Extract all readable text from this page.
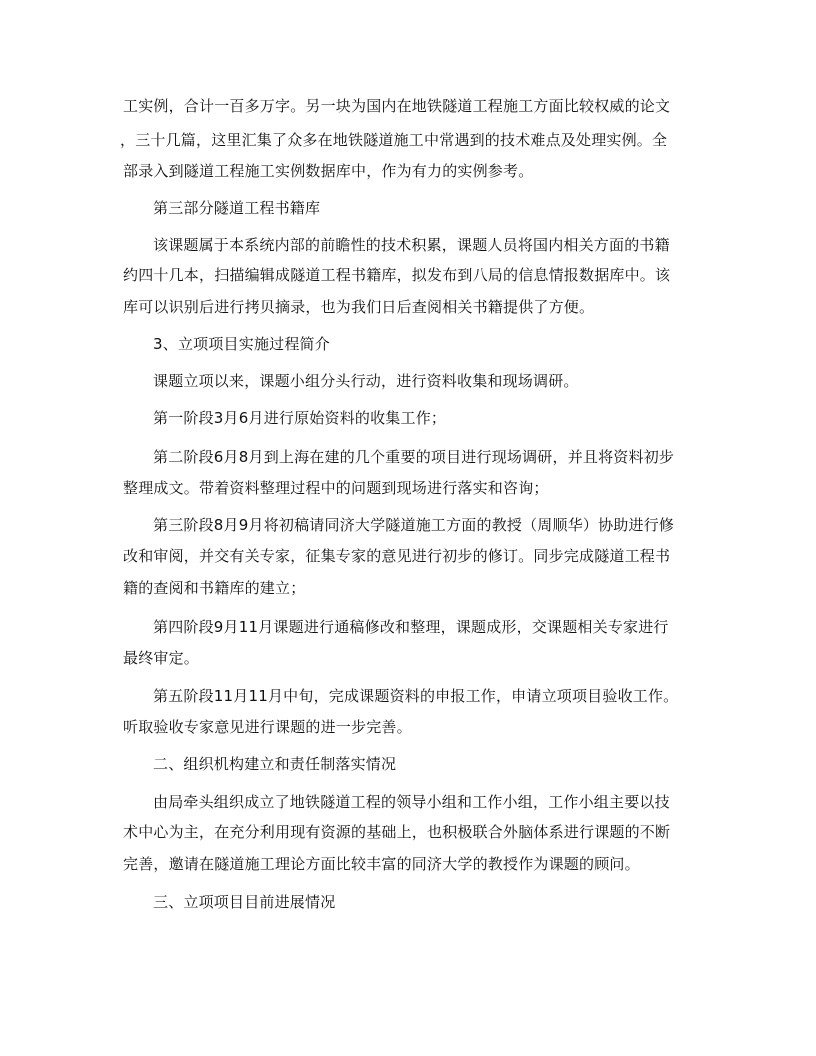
工实例，合计一百多万字。另一块为国内在地铁隧道工程施工方面比较权威的论文
，三十几篇，这里汇集了众多在地铁隧道施工中常遇到的技术难点及处理实例。全
部录入到隧道工程施工实例数据库中，作为有力的实例参考。
第三部分隧道工程书籍库
该课题属于本系统内部的前瞻性的技术积累，课题人员将国内相关方面的书籍
约四十几本，扫描编辑成隧道工程书籍库，拟发布到八局的信息情报数据库中。该
库可以识别后进行拷贝摘录，也为我们日后查阅相关书籍提供了方便。
3、立项项目实施过程简介
课题立项以来，课题小组分头行动，进行资料收集和现场调研。
第一阶段3月6月进行原始资料的收集工作；
第二阶段6月8月到上海在建的几个重要的项目进行现场调研，并且将资料初步
整理成文。带着资料整理过程中的问题到现场进行落实和咨询；
第三阶段8月9月将初稿请同济大学隧道施工方面的教授（周顺华）协助进行修
改和审阅，并交有关专家，征集专家的意见进行初步的修订。同步完成隧道工程书
籍的查阅和书籍库的建立；
第四阶段9月11月课题进行通稿修改和整理，课题成形，交课题相关专家进行
最终审定。
第五阶段11月11月中旬，完成课题资料的申报工作，申请立项项目验收工作。
听取验收专家意见进行课题的进一步完善。
二、组织机构建立和责任制落实情况
由局牵头组织成立了地铁隧道工程的领导小组和工作小组，工作小组主要以技
术中心为主，在充分利用现有资源的基础上，也积极联合外脑体系进行课题的不断
完善，邀请在隧道施工理论方面比较丰富的同济大学的教授作为课题的顾问。
三、立项项目目前进展情况
